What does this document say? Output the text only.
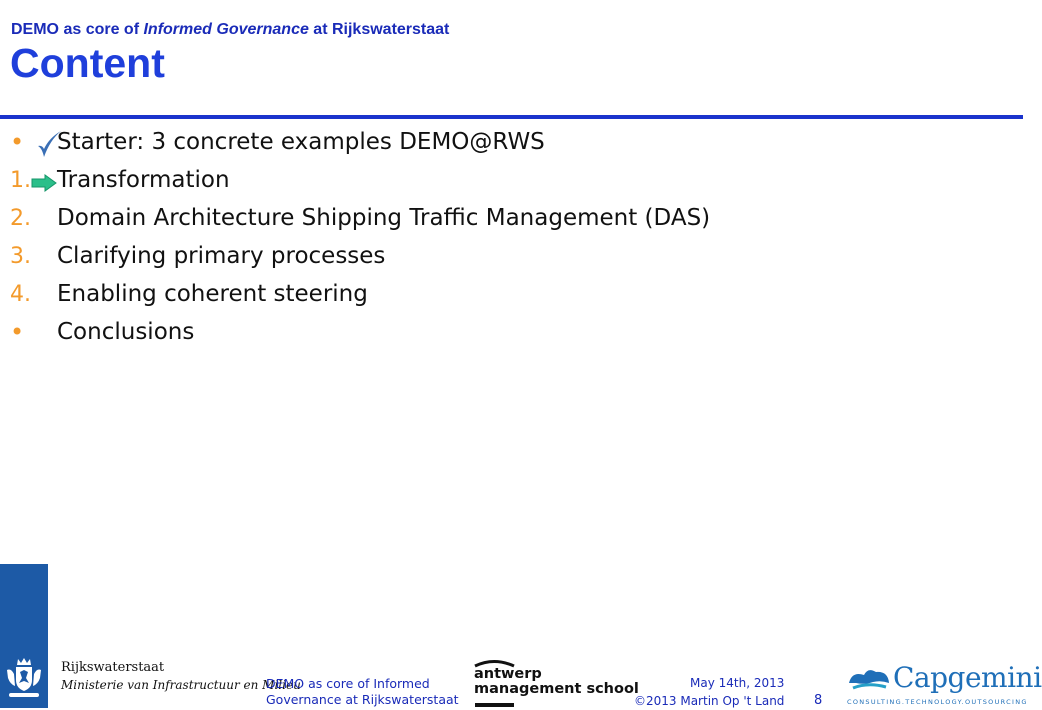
DEMO as core of Informed Governance at Rijkswaterstaat
Content
• Starter: 3 concrete examples DEMO@RWS
1. Transformation
2. Domain Architecture Shipping Traffic Management (DAS)
3. Clarifying primary processes
4. Enabling coherent steering
• Conclusions
Rijkswaterstaat
Ministerie van Infrastructuur en Milieu
DEMO as core of Informed
Governance at Rijkswaterstaat
antwerp
management school	May 14th, 2013
©2013 Martin Op 't Land 8
Capgemini
CONSULTING.TECHNOLOGY.OUTSOURCING
